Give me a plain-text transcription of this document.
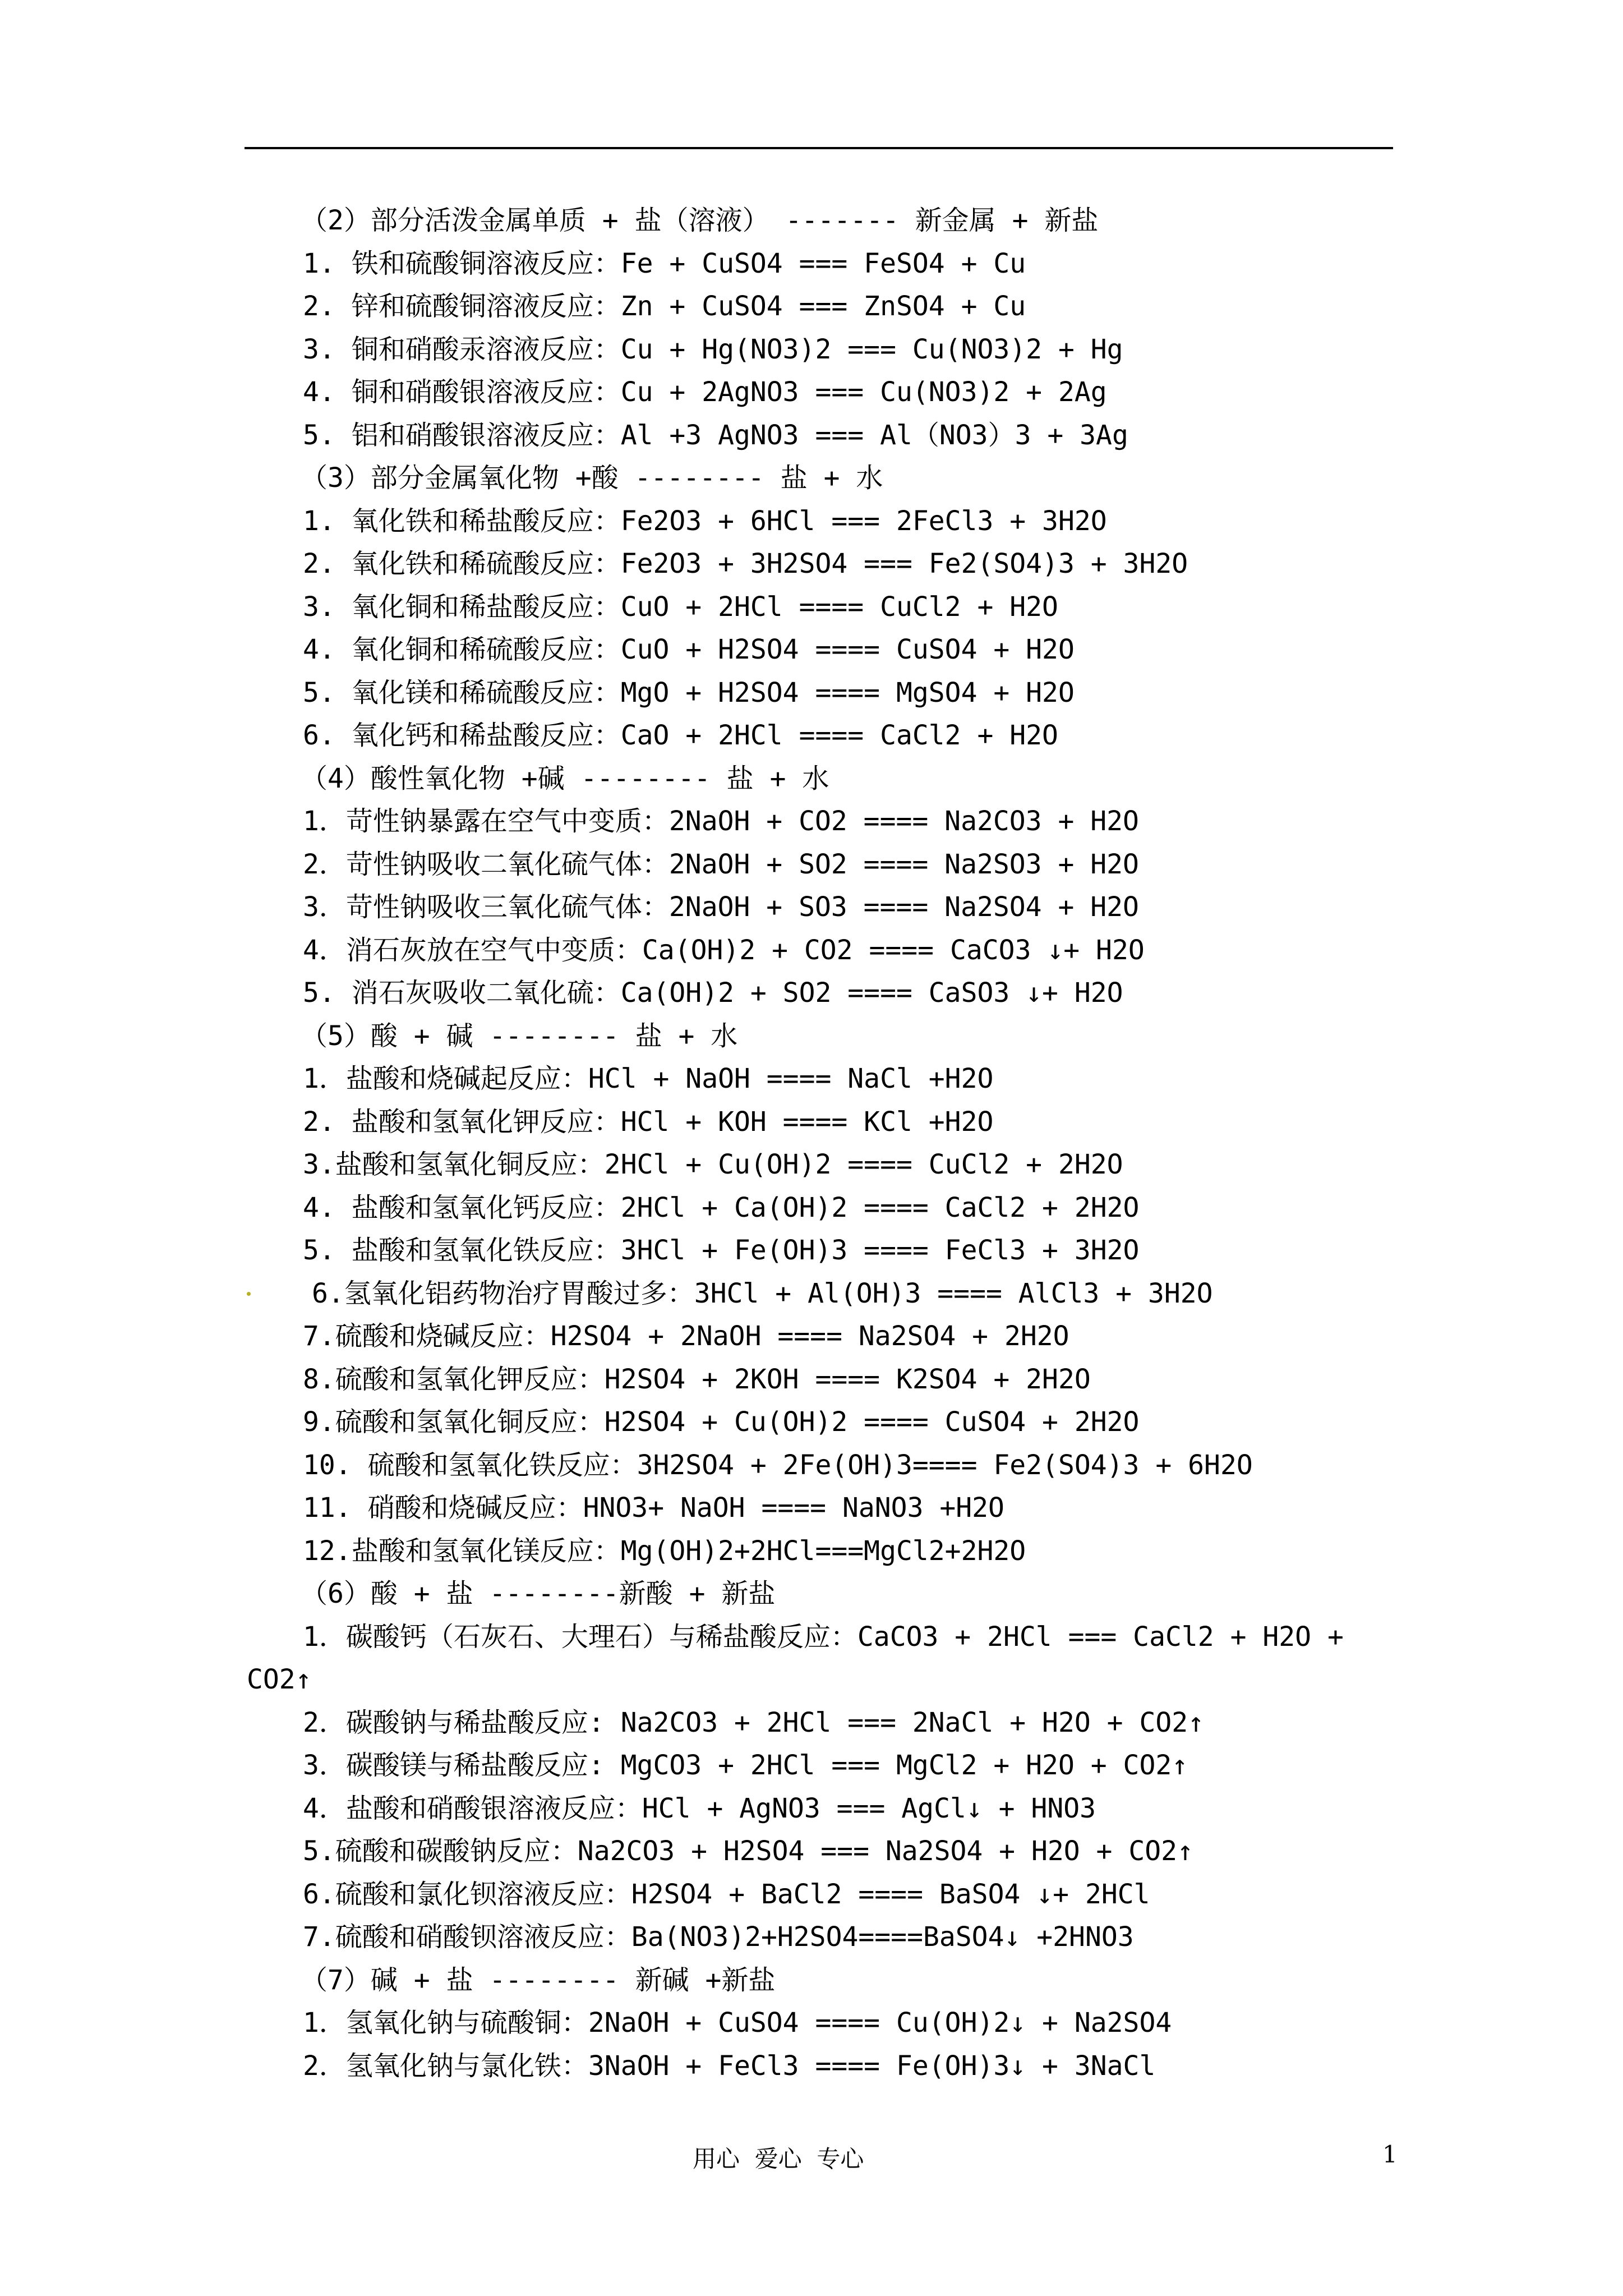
（2）部分活泼金属单质 + 盐（溶液） ------- 新金属 + 新盐
1. 铁和硫酸铜溶液反应：Fe + CuSO4 === FeSO4 + Cu
2. 锌和硫酸铜溶液反应：Zn + CuSO4 === ZnSO4 + Cu
3. 铜和硝酸汞溶液反应：Cu + Hg(NO3)2 === Cu(NO3)2 + Hg
4. 铜和硝酸银溶液反应：Cu + 2AgNO3 === Cu(NO3)2 + 2Ag
5. 铝和硝酸银溶液反应：Al +3 AgNO3 === Al（NO3）3 + 3Ag
（3）部分金属氧化物 +酸 -------- 盐 + 水
1. 氧化铁和稀盐酸反应：Fe2O3 + 6HCl === 2FeCl3 + 3H2O
2. 氧化铁和稀硫酸反应：Fe2O3 + 3H2SO4 === Fe2(SO4)3 + 3H2O
3. 氧化铜和稀盐酸反应：CuO + 2HCl ==== CuCl2 + H2O
4. 氧化铜和稀硫酸反应：CuO + H2SO4 ==== CuSO4 + H2O
5. 氧化镁和稀硫酸反应：MgO + H2SO4 ==== MgSO4 + H2O
6. 氧化钙和稀盐酸反应：CaO + 2HCl ==== CaCl2 + H2O
（4）酸性氧化物 +碱 -------- 盐 + 水
1．苛性钠暴露在空气中变质：2NaOH + CO2 ==== Na2CO3 + H2O
2．苛性钠吸收二氧化硫气体：2NaOH + SO2 ==== Na2SO3 + H2O
3．苛性钠吸收三氧化硫气体：2NaOH + SO3 ==== Na2SO4 + H2O
4．消石灰放在空气中变质：Ca(OH)2 + CO2 ==== CaCO3 ↓+ H2O
5. 消石灰吸收二氧化硫：Ca(OH)2 + SO2 ==== CaSO3 ↓+ H2O
（5）酸 + 碱 -------- 盐 + 水
1．盐酸和烧碱起反应：HCl + NaOH ==== NaCl +H2O
2. 盐酸和氢氧化钾反应：HCl + KOH ==== KCl +H2O
3.盐酸和氢氧化铜反应：2HCl + Cu(OH)2 ==== CuCl2 + 2H2O
4. 盐酸和氢氧化钙反应：2HCl + Ca(OH)2 ==== CaCl2 + 2H2O
5. 盐酸和氢氧化铁反应：3HCl + Fe(OH)3 ==== FeCl3 + 3H2O
6.氢氧化铝药物治疗胃酸过多：3HCl + Al(OH)3 ==== AlCl3 + 3H2O
7.硫酸和烧碱反应：H2SO4 + 2NaOH ==== Na2SO4 + 2H2O
8.硫酸和氢氧化钾反应：H2SO4 + 2KOH ==== K2SO4 + 2H2O
9.硫酸和氢氧化铜反应：H2SO4 + Cu(OH)2 ==== CuSO4 + 2H2O
10. 硫酸和氢氧化铁反应：3H2SO4 + 2Fe(OH)3==== Fe2(SO4)3 + 6H2O
11. 硝酸和烧碱反应：HNO3+ NaOH ==== NaNO3 +H2O
12.盐酸和氢氧化镁反应：Mg(OH)2+2HCl===MgCl2+2H2O
（6）酸 + 盐 --------新酸 + 新盐
1．碳酸钙（石灰石、大理石）与稀盐酸反应：CaCO3 + 2HCl === CaCl2 + H2O +
CO2↑
2．碳酸钠与稀盐酸反应: Na2CO3 + 2HCl === 2NaCl + H2O + CO2↑
3．碳酸镁与稀盐酸反应: MgCO3 + 2HCl === MgCl2 + H2O + CO2↑
4．盐酸和硝酸银溶液反应：HCl + AgNO3 === AgCl↓ + HNO3
5.硫酸和碳酸钠反应：Na2CO3 + H2SO4 === Na2SO4 + H2O + CO2↑
6.硫酸和氯化钡溶液反应：H2SO4 + BaCl2 ==== BaSO4 ↓+ 2HCl
7.硫酸和硝酸钡溶液反应：Ba(NO3)2+H2SO4====BaSO4↓ +2HNO3
（7）碱 + 盐 -------- 新碱 +新盐
1．氢氧化钠与硫酸铜：2NaOH + CuSO4 ==== Cu(OH)2↓ + Na2SO4
2．氢氧化钠与氯化铁：3NaOH + FeCl3 ==== Fe(OH)3↓ + 3NaCl
用心  爱心  专心	1
